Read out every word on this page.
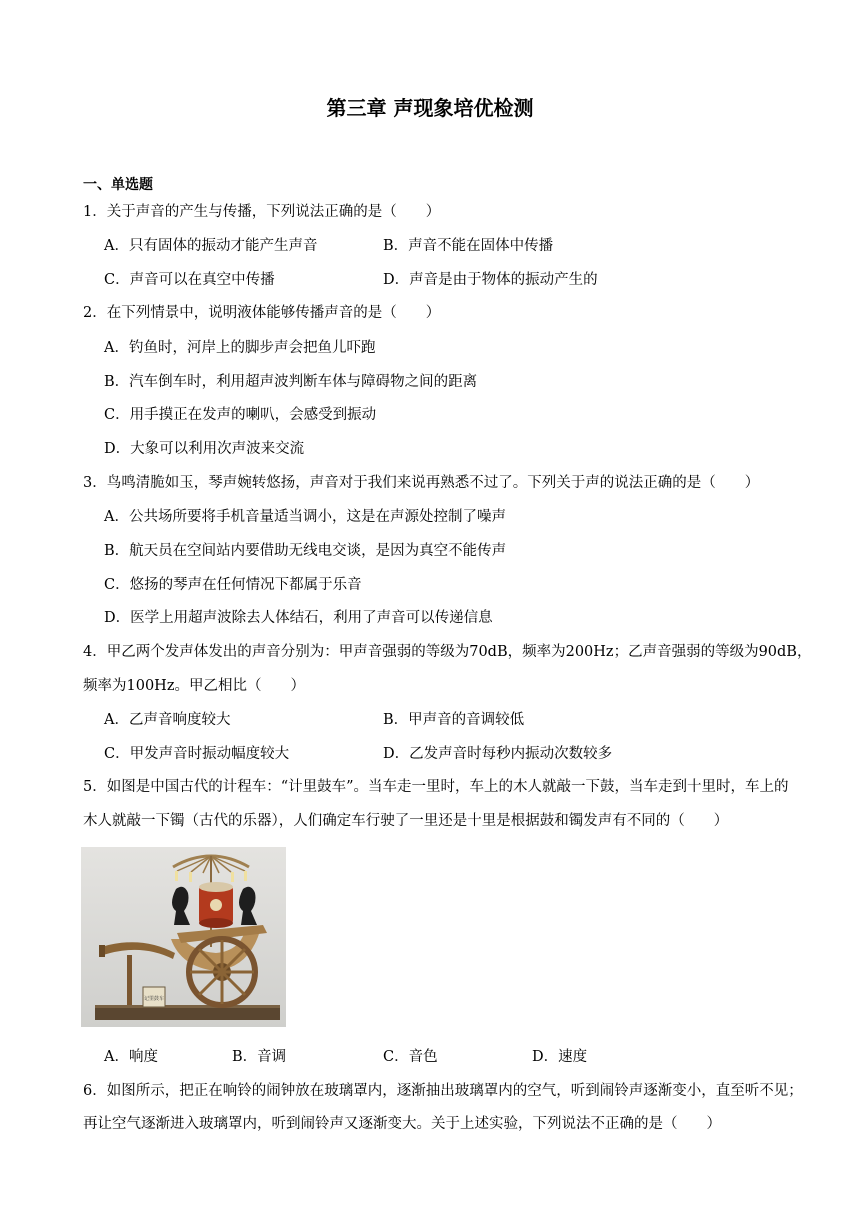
第三章 声现象培优检测
一、单选题
1．关于声音的产生与传播，下列说法正确的是（　　）
A．只有固体的振动才能产生声音	B．声音不能在固体中传播
C．声音可以在真空中传播	D．声音是由于物体的振动产生的
2．在下列情景中，说明液体能够传播声音的是（　　）
A．钓鱼时，河岸上的脚步声会把鱼儿吓跑
B．汽车倒车时，利用超声波判断车体与障碍物之间的距离
C．用手摸正在发声的喇叭，会感受到振动
D．大象可以利用次声波来交流
3．鸟鸣清脆如玉，琴声婉转悠扬，声音对于我们来说再熟悉不过了。下列关于声的说法正确的是（　　）
A．公共场所要将手机音量适当调小，这是在声源处控制了噪声
B．航天员在空间站内要借助无线电交谈，是因为真空不能传声
C．悠扬的琴声在任何情况下都属于乐音
D．医学上用超声波除去人体结石，利用了声音可以传递信息
4．甲乙两个发声体发出的声音分别为：甲声音强弱的等级为70dB，频率为200Hz；乙声音强弱的等级为90dB，
频率为100Hz。甲乙相比（　　）
A．乙声音响度较大	B．甲声音的音调较低
C．甲发声音时振动幅度较大	D．乙发声音时每秒内振动次数较多
5．如图是中国古代的计程车：“计里鼓车”。当车走一里时，车上的木人就敲一下鼓，当车走到十里时，车上的
木人就敲一下镯（古代的乐器），人们确定车行驶了一里还是十里是根据鼓和镯发声有不同的（　　）
记里鼓车
A．响度	B．音调	C．音色	D．速度
6．如图所示，把正在响铃的闹钟放在玻璃罩内，逐渐抽出玻璃罩内的空气，听到闹铃声逐渐变小，直至听不见；
再让空气逐渐进入玻璃罩内，听到闹铃声又逐渐变大。关于上述实验，下列说法不正确的是（　　）
